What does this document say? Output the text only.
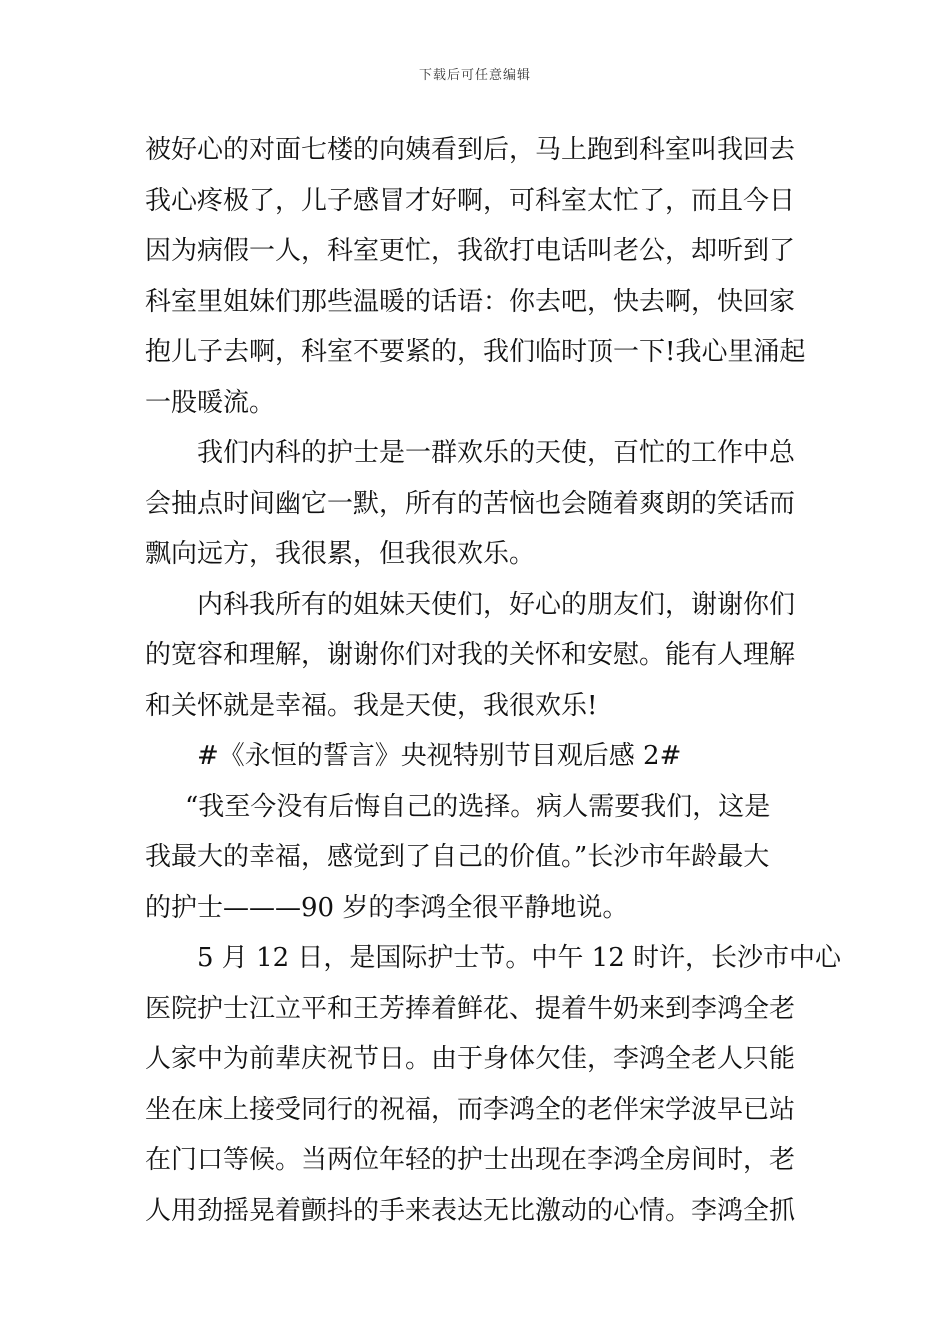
下载后可任意编辑
被好心的对面七楼的向姨看到后，马上跑到科室叫我回去
我心疼极了，儿子感冒才好啊，可科室太忙了，而且今日
因为病假一人，科室更忙，我欲打电话叫老公，却听到了
科室里姐妹们那些温暖的话语：你去吧，快去啊，快回家
抱儿子去啊，科室不要紧的，我们临时顶一下!我心里涌起
一股暖流。
我们内科的护士是一群欢乐的天使，百忙的工作中总
会抽点时间幽它一默，所有的苦恼也会随着爽朗的笑话而
飘向远方，我很累，但我很欢乐。
内科我所有的姐妹天使们，好心的朋友们，谢谢你们
的宽容和理解，谢谢你们对我的关怀和安慰。能有人理解
和关怀就是幸福。我是天使，我很欢乐!
#《永恒的誓言》央视特别节目观后感 2#
“我至今没有后悔自己的选择。病人需要我们，这是
我最大的幸福，感觉到了自己的价值。”长沙市年龄最大
的护士———90 岁的李鸿全很平静地说。
5 月 12 日，是国际护士节。中午 12 时许，长沙市中心
医院护士江立平和王芳捧着鲜花、提着牛奶来到李鸿全老
人家中为前辈庆祝节日。由于身体欠佳，李鸿全老人只能
坐在床上接受同行的祝福，而李鸿全的老伴宋学波早已站
在门口等候。当两位年轻的护士出现在李鸿全房间时，老
人用劲摇晃着颤抖的手来表达无比激动的心情。李鸿全抓
